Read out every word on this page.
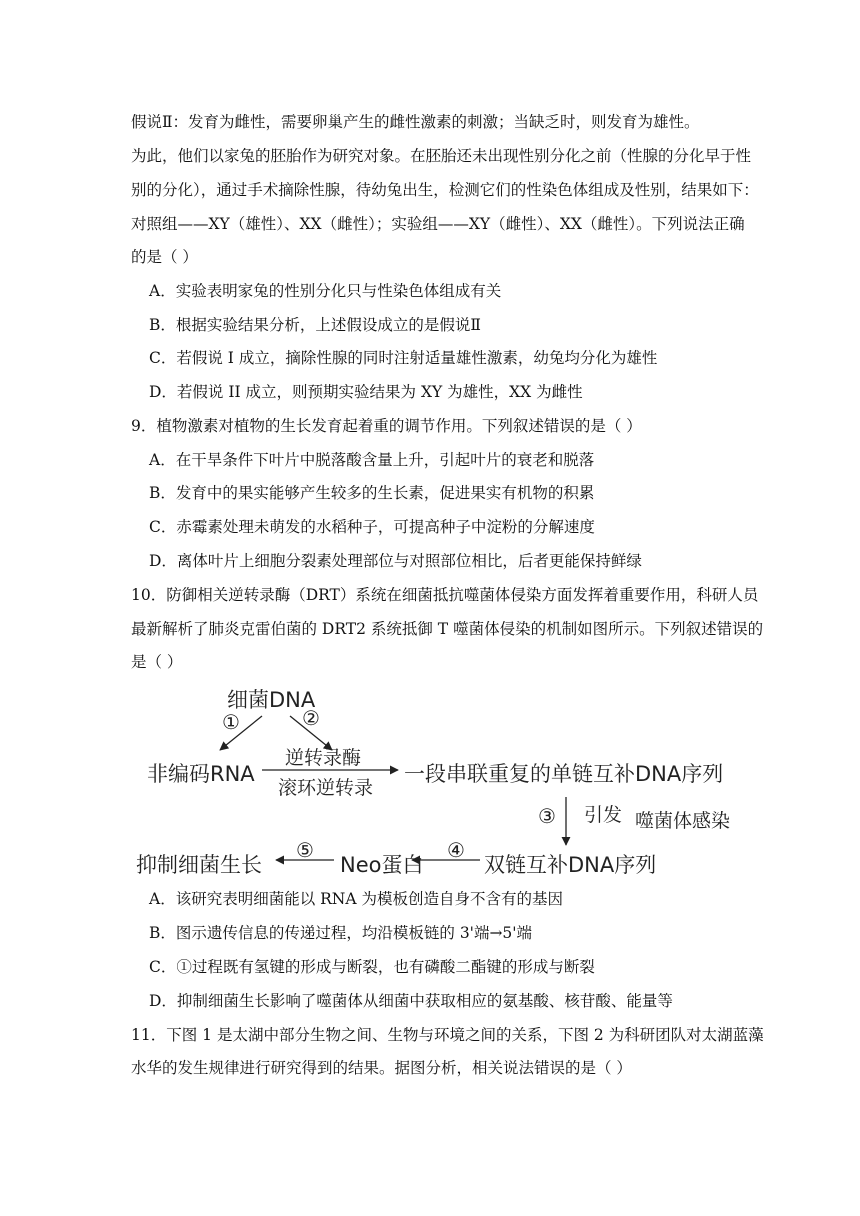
假说Ⅱ：发育为雌性，需要卵巢产生的雌性激素的刺激；当缺乏时，则发育为雄性。
为此，他们以家兔的胚胎作为研究对象。在胚胎还未出现性别分化之前（性腺的分化早于性
别的分化），通过手术摘除性腺，待幼兔出生，检测它们的性染色体组成及性别，结果如下：
对照组——XY（雄性）、XX（雌性）；实验组——XY（雌性）、XX（雌性）。下列说法正确
的是（ ）
A．实验表明家兔的性别分化只与性染色体组成有关
B．根据实验结果分析，上述假设成立的是假说Ⅱ
C．若假说 I 成立，摘除性腺的同时注射适量雄性激素，幼兔均分化为雄性
D．若假说 II 成立，则预期实验结果为 XY 为雄性，XX 为雌性
9．植物激素对植物的生长发育起着重的调节作用。下列叙述错误的是（ ）
A．在干旱条件下叶片中脱落酸含量上升，引起叶片的衰老和脱落
B．发育中的果实能够产生较多的生长素，促进果实有机物的积累
C．赤霉素处理未萌发的水稻种子，可提高种子中淀粉的分解速度
D．离体叶片上细胞分裂素处理部位与对照部位相比，后者更能保持鲜绿
10．防御相关逆转录酶（DRT）系统在细菌抵抗噬菌体侵染方面发挥着重要作用，科研人员
最新解析了肺炎克雷伯菌的 DRT2 系统抵御 T 噬菌体侵染的机制如图所示。下列叙述错误的
是（ ）
细菌DNA
①	②
非编码RNA
逆转录酶
滚环逆转录
一段串联重复的单链互补DNA序列
③ 引发 噬菌体感染
双链互补DNA序列
④
Neo蛋白
⑤
抑制细菌生长
A．该研究表明细菌能以 RNA 为模板创造自身不含有的基因
B．图示遗传信息的传递过程，均沿模板链的 3'端→5'端
C．①过程既有氢键的形成与断裂，也有磷酸二酯键的形成与断裂
D．抑制细菌生长影响了噬菌体从细菌中获取相应的氨基酸、核苷酸、能量等
11．下图 1 是太湖中部分生物之间、生物与环境之间的关系，下图 2 为科研团队对太湖蓝藻
水华的发生规律进行研究得到的结果。据图分析，相关说法错误的是（ ）
